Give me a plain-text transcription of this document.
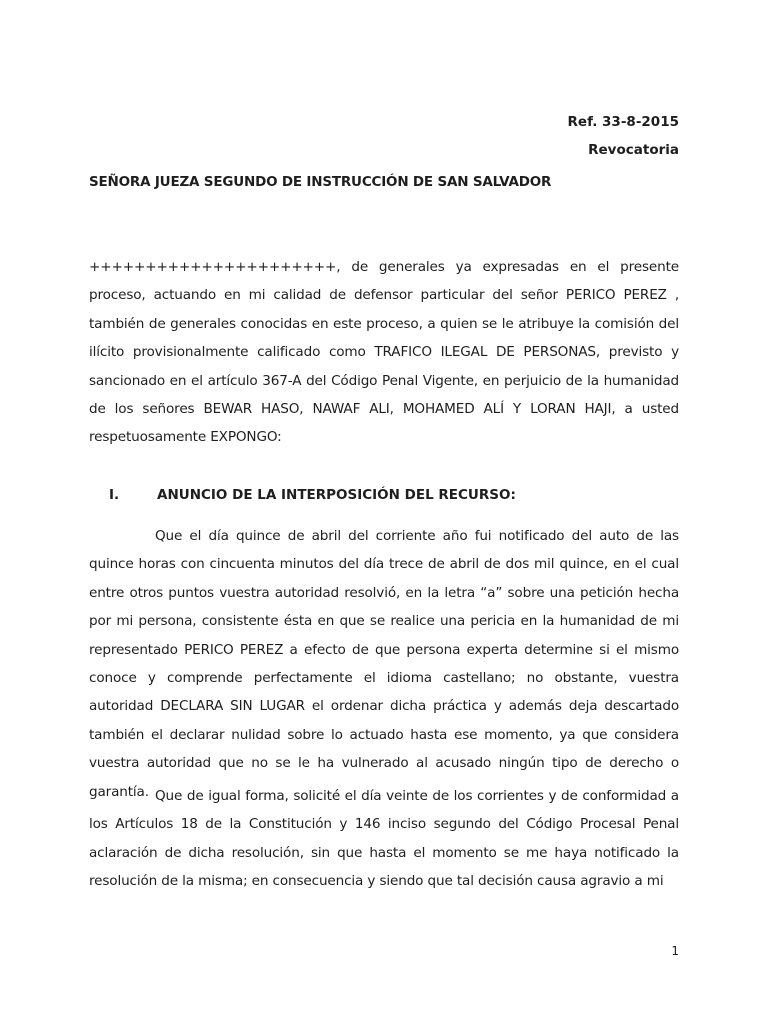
Ref. 33-8-2015
Revocatoria
SEÑORA JUEZA SEGUNDO DE INSTRUCCIÓN DE SAN SALVADOR

++++++++++++++++++++++, de generales ya expresadas en el presente proceso, actuando en mi calidad de defensor particular del señor PERICO PEREZ , también de generales conocidas en este proceso, a quien se le atribuye la comisión del ilícito provisionalmente calificado como TRAFICO ILEGAL DE PERSONAS, previsto y sancionado en el artículo 367-A del Código Penal Vigente, en perjuicio de la humanidad de los señores BEWAR HASO, NAWAF ALI, MOHAMED ALÍ Y LORAN HAJI, a usted respetuosamente EXPONGO:

I.	ANUNCIO DE LA INTERPOSICIÓN DEL RECURSO:

Que el día quince de abril del corriente año fui notificado del auto de las quince horas con cincuenta minutos del día trece de abril de dos mil quince, en el cual entre otros puntos vuestra autoridad resolvió, en la letra “a” sobre una petición hecha por mi persona, consistente ésta en que se realice una pericia en la humanidad de mi representado PERICO PEREZ a efecto de que persona experta determine si el mismo conoce y comprende perfectamente el idioma castellano; no obstante, vuestra autoridad DECLARA SIN LUGAR el ordenar dicha práctica y además deja descartado también el declarar nulidad sobre lo actuado hasta ese momento, ya que considera vuestra autoridad que no se le ha vulnerado al acusado ningún tipo de derecho o garantía. Que de igual forma, solicité el día veinte de los corrientes y de conformidad a los Artículos 18 de la Constitución y 146 inciso segundo del Código Procesal Penal aclaración de dicha resolución, sin que hasta el momento se me haya notificado la resolución de la misma; en consecuencia y siendo que tal decisión causa agravio a mi

1
